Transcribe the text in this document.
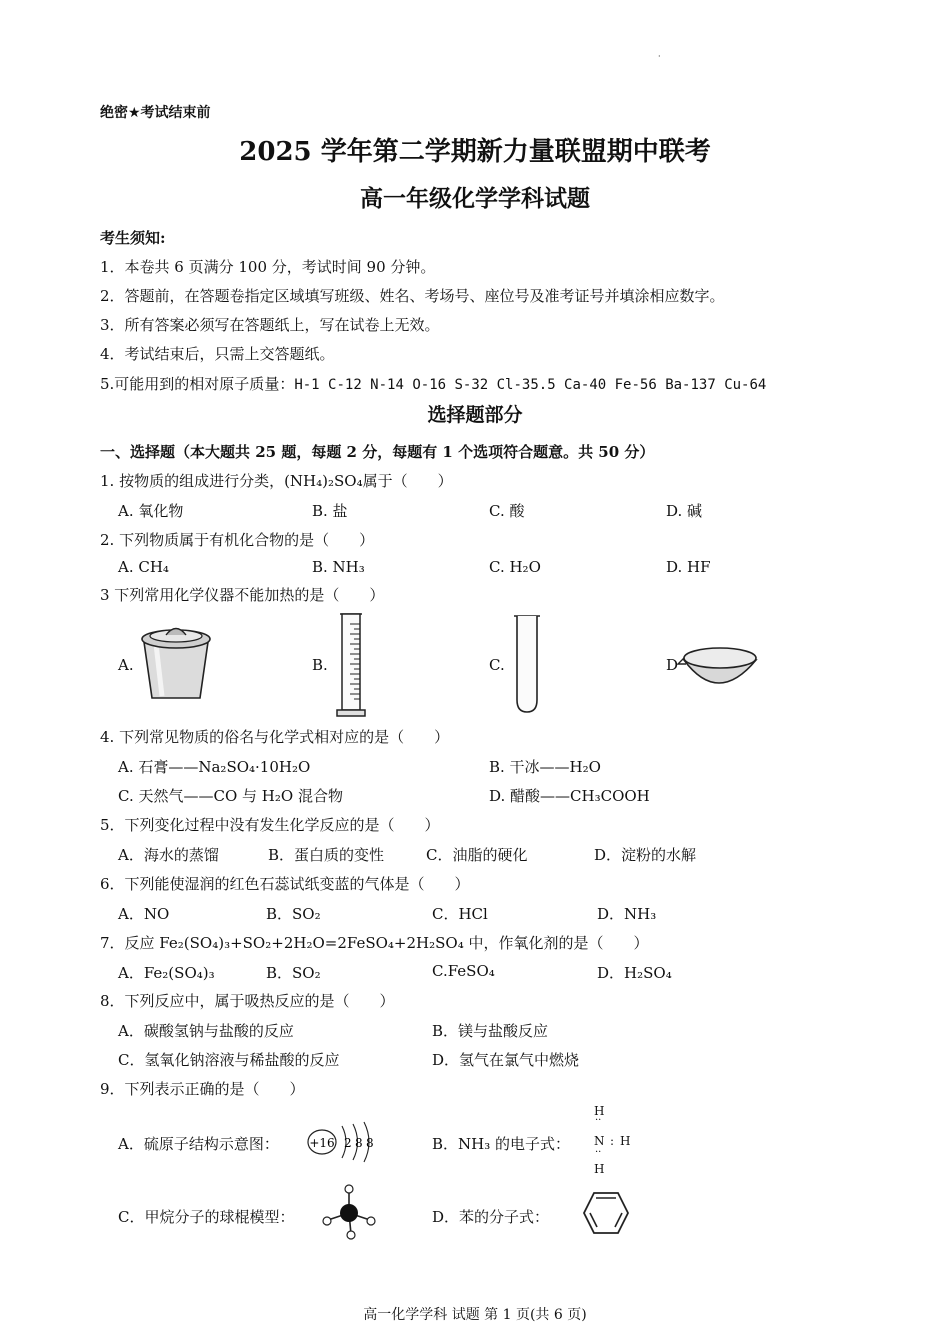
·
绝密★考试结束前
2025 学年第二学期新力量联盟期中联考
高一年级化学学科试题
考生须知:
1．本卷共 6 页满分 100 分，考试时间 90 分钟。
2．答题前，在答题卷指定区域填写班级、姓名、考场号、座位号及准考证号并填涂相应数字。
3．所有答案必须写在答题纸上，写在试卷上无效。
4．考试结束后，只需上交答题纸。
5.可能用到的相对原子质量：H-1 C-12 N-14 O-16 S-32 Cl-35.5 Ca-40 Fe-56 Ba-137 Cu-64
选择题部分
一、选择题（本大题共 25 题，每题 2 分，每题有 1 个选项符合题意。共 50 分）
1. 按物质的组成进行分类，(NH₄)₂SO₄属于（　　）
A. 氧化物	B. 盐	C. 酸	D. 碱
2. 下列物质属于有机化合物的是（　　）
A. CH₄	B. NH₃	C. H₂O	D. HF
3 下列常用化学仪器不能加热的是（　　）
A.	B.	C.	D
4. 下列常见物质的俗名与化学式相对应的是（　　）
A. 石膏——Na₂SO₄·10H₂O	B. 干冰——H₂O
C. 天然气——CO 与 H₂O 混合物	D. 醋酸——CH₃COOH
5．下列变化过程中没有发生化学反应的是（　　）
A．海水的蒸馏	B．蛋白质的变性	C．油脂的硬化	D．淀粉的水解
6．下列能使湿润的红色石蕊试纸变蓝的气体是（　　）
A．NO	B．SO₂	C．HCl	D．NH₃
7．反应 Fe₂(SO₄)₃+SO₂+2H₂O=2FeSO₄+2H₂SO₄ 中，作氧化剂的是（　　）
A．Fe₂(SO₄)₃	B．SO₂	C.FeSO₄	D．H₂SO₄
8．下列反应中，属于吸热反应的是（　　）
A．碳酸氢钠与盐酸的反应	B．镁与盐酸反应
C．氢氧化钠溶液与稀盐酸的反应	D．氢气在氯气中燃烧
9．下列表示正确的是（　　）
A．硫原子结构示意图：	B．NH₃ 的电子式：
C．甲烷分子的球棍模型：	D．苯的分子式：
+16 2 8 8
H
··
N : H
··
H
高一化学学科 试题 第 1 页(共 6 页)
